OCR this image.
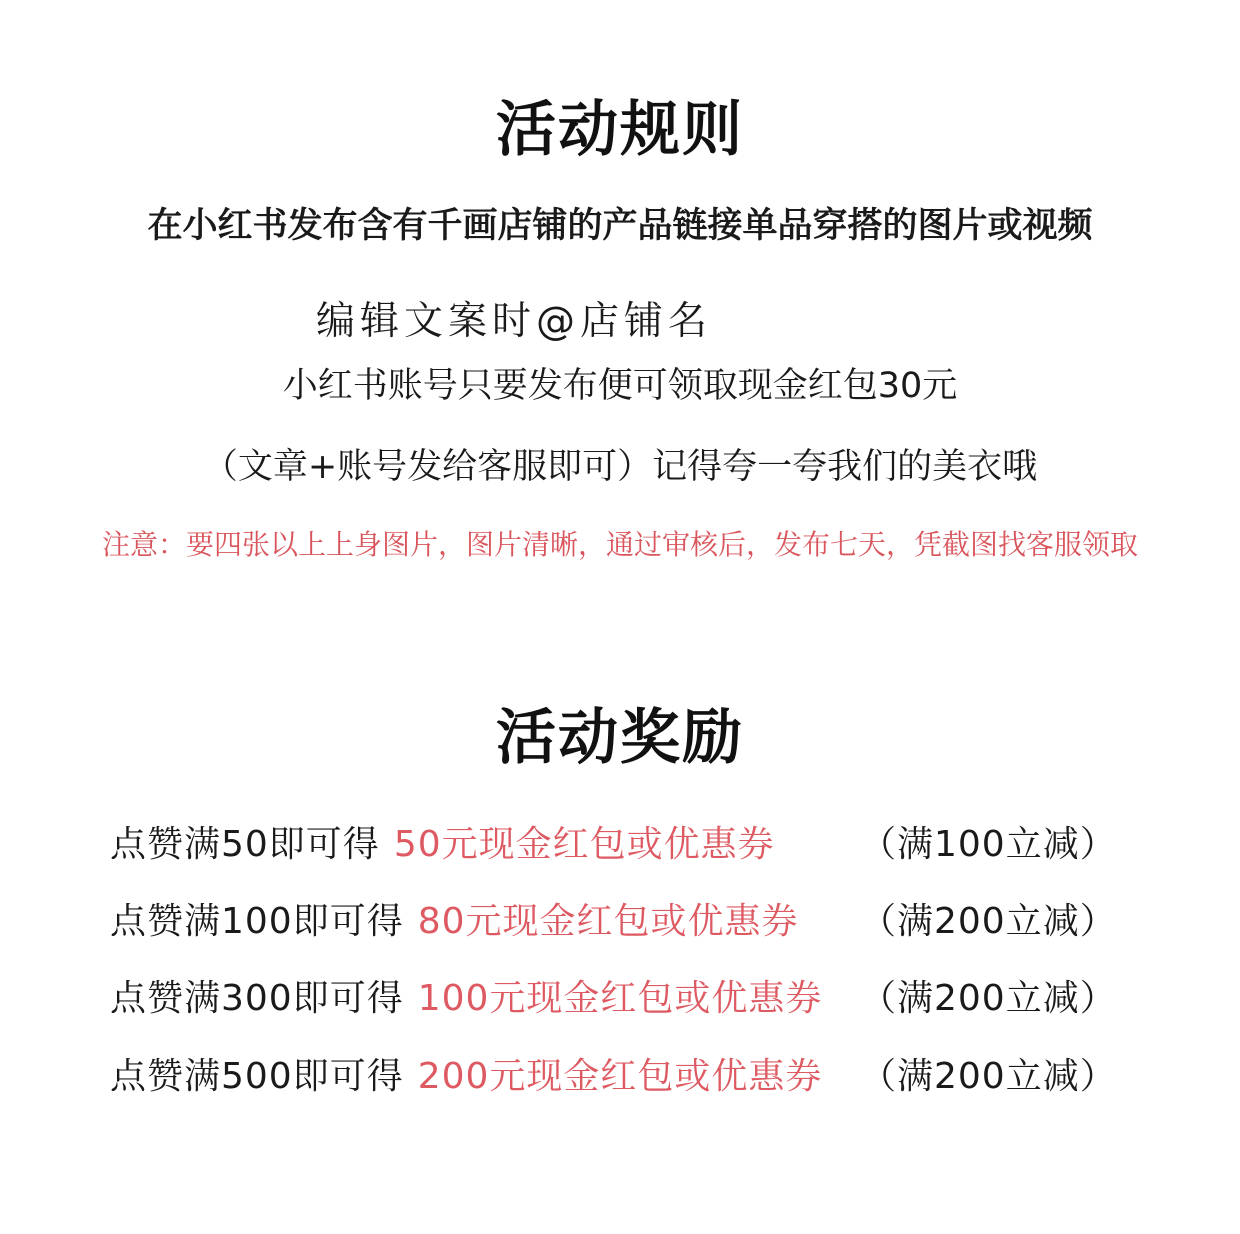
活动规则
在小红书发布含有千画店铺的产品链接单品穿搭的图片或视频
编辑文案时@店铺名
小红书账号只要发布便可领取现金红包30元
（文章+账号发给客服即可）记得夸一夸我们的美衣哦
注意：要四张以上上身图片，图片清晰，通过审核后，发布七天，凭截图找客服领取
活动奖励
点赞满50即可得 50元现金红包或优惠券 （满100立减）
点赞满100即可得 80元现金红包或优惠券 （满200立减）
点赞满300即可得 100元现金红包或优惠券 （满200立减）
点赞满500即可得 200元现金红包或优惠券 （满200立减）
